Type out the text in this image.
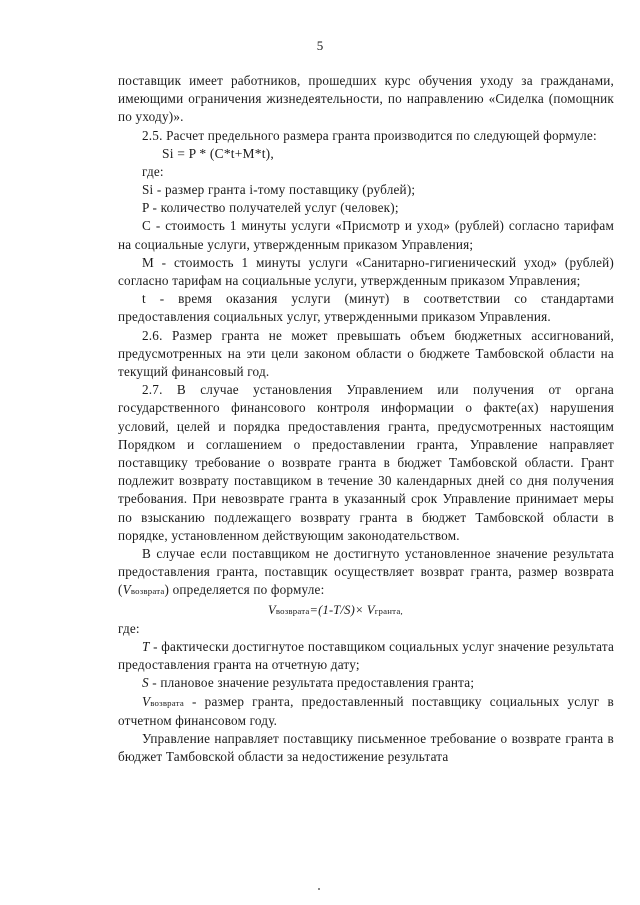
5

поставщик имеет работников, прошедших курс обучения уходу за гражданами, имеющими ограничения жизнедеятельности, по направлению «Сиделка (помощник по уходу)».

2.5. Расчет предельного размера гранта производится по следующей формуле:

Si = P * (C*t+M*t),

где:

Si - размер гранта i-тому поставщику (рублей);

P - количество получателей услуг (человек);

C - стоимость 1 минуты услуги «Присмотр и уход» (рублей) согласно тарифам на социальные услуги, утвержденным приказом Управления;

M - стоимость 1 минуты услуги «Санитарно-гигиенический уход» (рублей) согласно тарифам на социальные услуги, утвержденным приказом Управления;

t - время оказания услуги (минут) в соответствии со стандартами предоставления социальных услуг, утвержденными приказом Управления.

2.6. Размер гранта не может превышать объем бюджетных ассигнований, предусмотренных на эти цели законом области о бюджете Тамбовской области на текущий финансовый год.

2.7. В случае установления Управлением или получения от органа государственного финансового контроля информации о факте(ах) нарушения условий, целей и порядка предоставления гранта, предусмотренных настоящим Порядком и соглашением о предоставлении гранта, Управление направляет поставщику требование о возврате гранта в бюджет Тамбовской области. Грант подлежит возврату поставщиком в течение 30 календарных дней со дня получения требования. При невозврате гранта в указанный срок Управление принимает меры по взысканию подлежащего возврату гранта в бюджет Тамбовской области в порядке, установленном действующим законодательством.

В случае если поставщиком не достигнуто установленное значение результата предоставления гранта, поставщик осуществляет возврат гранта, размер возврата (Vвозврата) определяется по формуле:

Vвозврата=(1-T/S)× Vгранта,

где:

T - фактически достигнутое поставщиком социальных услуг значение результата предоставления гранта на отчетную дату;

S - плановое значение результата предоставления гранта;

Vвозврата - размер гранта, предоставленный поставщику социальных услуг в отчетном финансовом году.

Управление направляет поставщику письменное требование о возврате гранта в бюджет Тамбовской области за недостижение результата
